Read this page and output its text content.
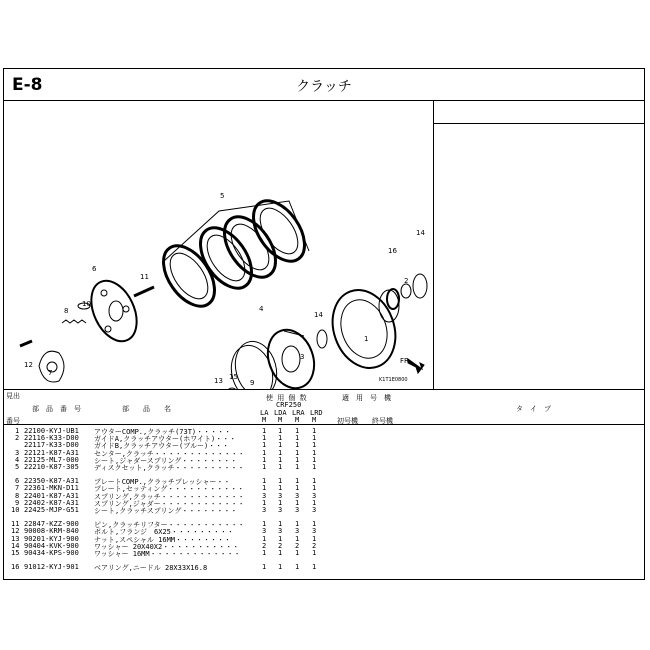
E-8	クラッチ
5
6
10
8
11
7
12
4
9
3
13 15
14
1
16
2
14
FR.
K1T1E0800
見出
番号
部　品　番　号	部　　品　　名
使 用 個 数
CRF250
LA LDA LRA LRD
M M M M
適　用　号　機
初号機 終号機
タ　イ　プ
1 22100-KYJ-UB1 アウターCOMP.,クラッチ(73T)・・・・・	1 1 1 1
2 22116-K33-D00 ガイドA,クラッチアウター(ホワイト)・・・	1 1 1 1
22117-K33-D00 ガイドB,クラッチアウター(ブルー)・・・	1 1 1 1
3 22121-K87-A31 センター,クラッチ・・・・・・・・・・・・・ 1 1 1 1
4 22125-ML7-000 シート,ジャダースプリング・・・・・・・・	1 1 1 1
5 22210-K87-305 ディスクセット,クラッチ・・・・・・・・・・ 1 1 1 1
6 22350-K87-A31 プレートCOMP.,クラッチプレッシャー・・	1 1 1 1
7 22361-MKN-D11 プレート,セッティング・・・・・・・・・・・	1 1 1 1
8 22401-K87-A31 スプリング,クラッチ・・・・・・・・・・・・ 3 3 3 3
9 22402-K87-A31 スプリング,ジャダー・・・・・・・・・・・・ 1 1 1 1
10 22425-MJP-G51 シート,クラッチスプリング・・・・・・・・	3 3 3 3
11 22847-KZZ-900 ピン,クラッチリフター・・・・・・・・・・・ 1 1 1 1
12 90008-KRM-840 ボルト,フランジ　6X25・・・・・・・・・	3 3 3 3
13 90201-KYJ-900 ナット,スペシャル 16MM・・・・・・・・	1 1 1 1
14 90404-KVK-900 ワッシャー 20X40X2・・・・・・・・・・・	2 2 2 2
15 90434-KPS-900 ワッシャー 16MM・・・・・・・・・・・・・	1 1 1 1
16 91012-KYJ-901 ベアリング,ニードル 28X33X16.8	1 1 1 1
